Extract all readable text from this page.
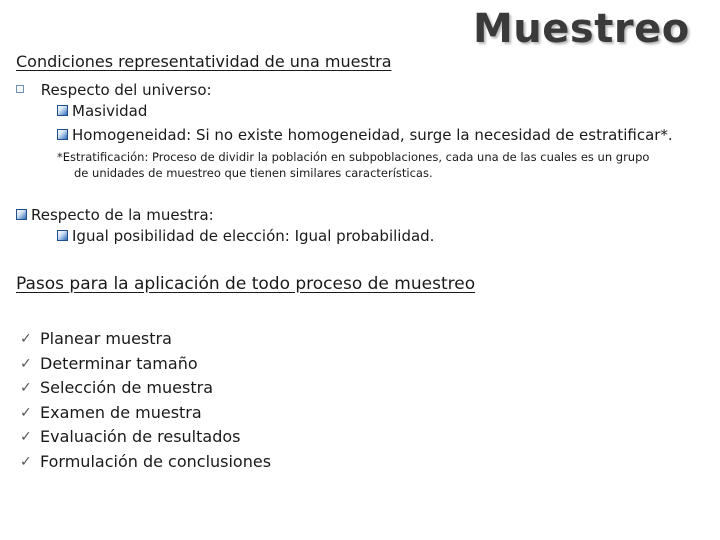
Muestreo
Condiciones representatividad de una muestra
Respecto del universo:
Masividad
Homogeneidad: Si no existe homogeneidad, surge la necesidad de estratificar*.
*Estratificación: Proceso de dividir la población en subpoblaciones, cada una de las cuales es un grupo
de unidades de muestreo que tienen similares características.
Respecto de la muestra:
Igual posibilidad de elección: Igual probabilidad.
Pasos para la aplicación de todo proceso de muestreo
✓ Planear muestra
✓ Determinar tamaño
✓ Selección de muestra
✓ Examen de muestra
✓ Evaluación de resultados
✓ Formulación de conclusiones
